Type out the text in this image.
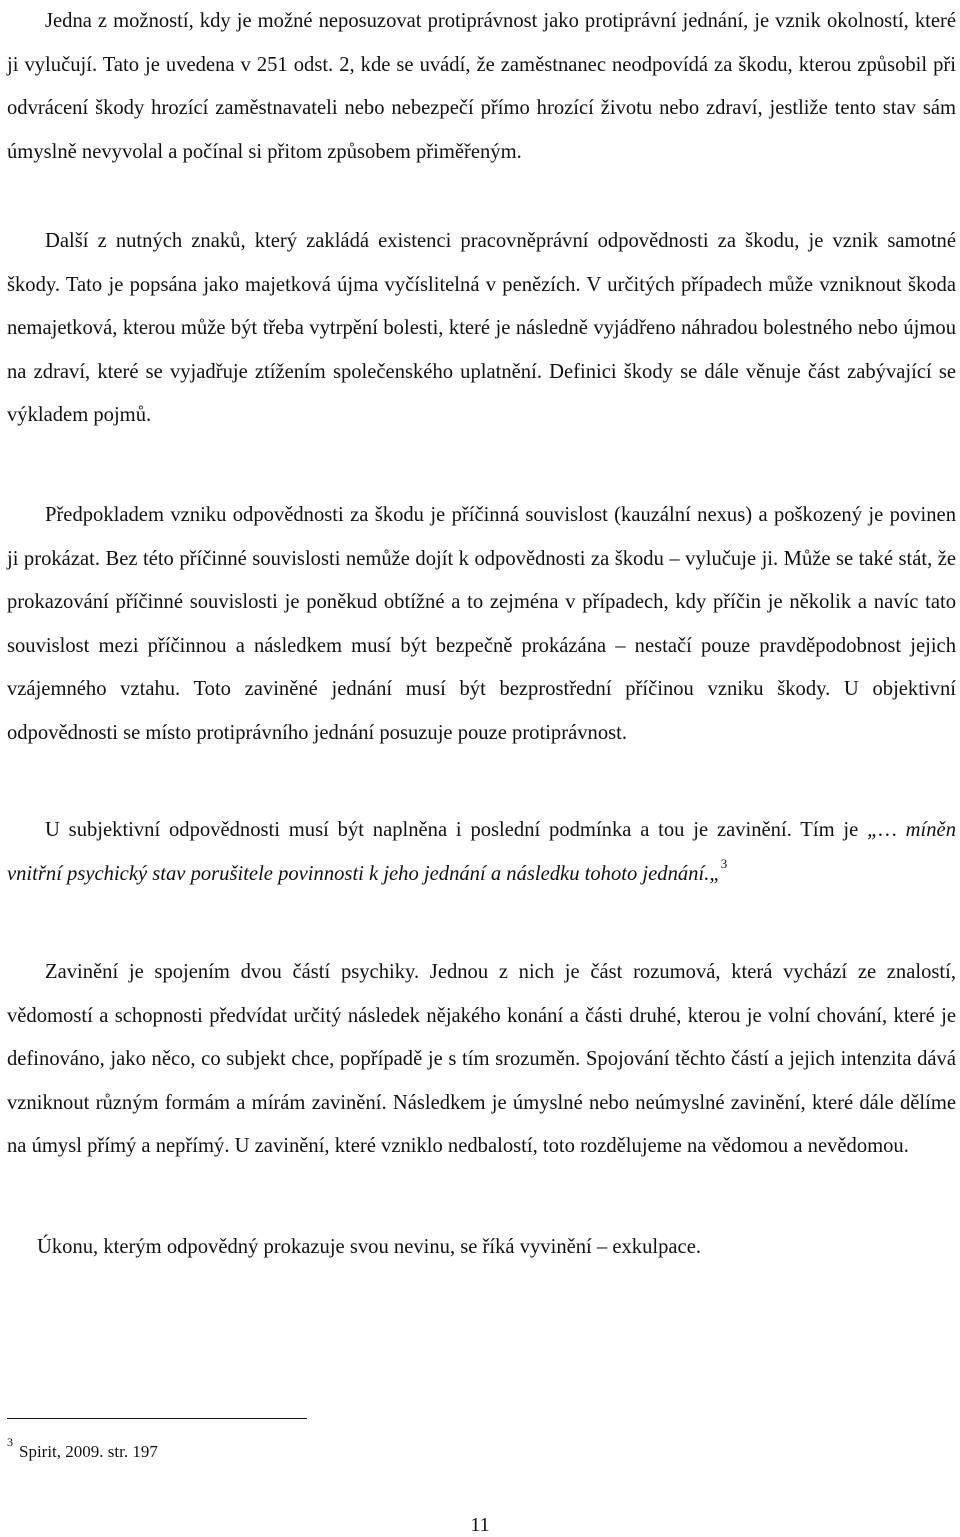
Jedna z možností, kdy je možné neposuzovat protiprávnost jako protiprávní jednání, je vznik okolností, které ji vylučují. Tato je uvedena v 251 odst. 2, kde se uvádí, že zaměstnanec neodpovídá za škodu, kterou způsobil při odvrácení škody hrozící zaměstnavateli nebo nebezpečí přímo hrozící životu nebo zdraví, jestliže tento stav sám úmyslně nevyvolal a počínal si přitom způsobem přiměřeným.

Další z nutných znaků, který zakládá existenci pracovněprávní odpovědnosti za škodu, je vznik samotné škody. Tato je popsána jako majetková újma vyčíslitelná v penězích. V určitých případech může vzniknout škoda nemajetková, kterou může být třeba vytrpění bolesti, které je následně vyjádřeno náhradou bolestného nebo újmou na zdraví, které se vyjadřuje ztížením společenského uplatnění. Definici škody se dále věnuje část zabývající se výkladem pojmů.

Předpokladem vzniku odpovědnosti za škodu je příčinná souvislost (kauzální nexus) a poškozený je povinen ji prokázat. Bez této příčinné souvislosti nemůže dojít k odpovědnosti za škodu – vylučuje ji. Může se také stát, že prokazování příčinné souvislosti je poněkud obtížné a to zejména v případech, kdy příčin je několik a navíc tato souvislost mezi příčinnou a následkem musí být bezpečně prokázána – nestačí pouze pravděpodobnost jejich vzájemného vztahu. Toto zaviněné jednání musí být bezprostřední příčinou vzniku škody. U objektivní odpovědnosti se místo protiprávního jednání posuzuje pouze protiprávnost.

U subjektivní odpovědnosti musí být naplněna i poslední podmínka a tou je zavinění. Tím je „… míněn vnitřní psychický stav porušitele povinnosti k jeho jednání a následku tohoto jednání.„$^3$

Zavinění je spojením dvou částí psychiky. Jednou z nich je část rozumová, která vychází ze znalostí, vědomostí a schopnosti předvídat určitý následek nějakého konání a části druhé, kterou je volní chování, které je definováno, jako něco, co subjekt chce, popřípadě je s tím srozuměn. Spojování těchto částí a jejich intenzita dává vzniknout různým formám a mírám zavinění. Následkem je úmyslné nebo neúmyslné zavinění, které dále dělíme na úmysl přímý a nepřímý. U zavinění, které vzniklo nedbalostí, toto rozdělujeme na vědomou a nevědomou.

Úkonu, kterým odpovědný prokazuje svou nevinu, se říká vyvinění – exkulpace.

$^3$ Spirit, 2009. str. 197
11
